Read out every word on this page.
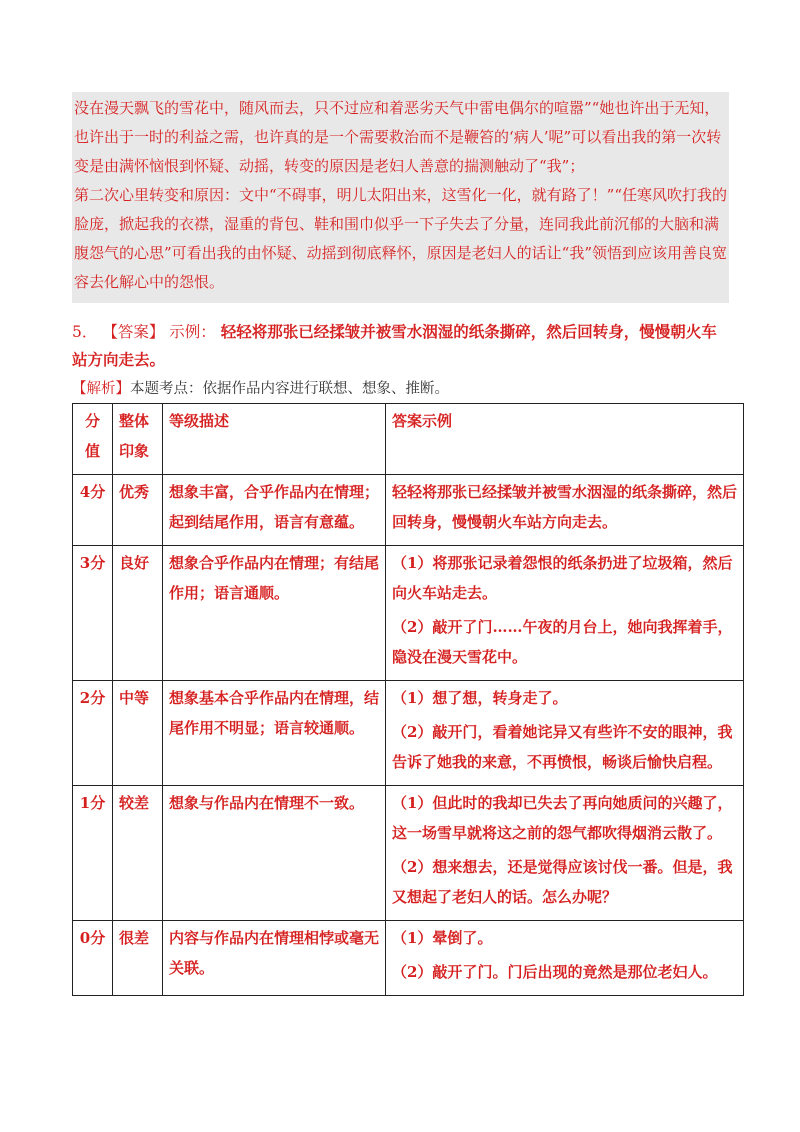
没在漫天飘飞的雪花中，随风而去，只不过应和着恶劣天气中雷电偶尔的喧嚣”“她也许出于无知，也许出于一时的利益之需，也许真的是一个需要救治而不是鞭笞的‘病人’呢”可以看出我的第一次转变是由满怀恼恨到怀疑、动摇，转变的原因是老妇人善意的揣测触动了“我”；

第二次心里转变和原因：文中“不碍事，明儿太阳出来，这雪化一化，就有路了！”“任寒风吹打我的脸庞，掀起我的衣襟，湿重的背包、鞋和围巾似乎一下子失去了分量，连同我此前沉郁的大脑和满腹怨气的心思”可看出我的由怀疑、动摇到彻底释怀，原因是老妇人的话让“我”领悟到应该用善良宽容去化解心中的怨恨。

5． 【答案】 示例： 轻轻将那张已经揉皱并被雪水洇湿的纸条撕碎，然后回转身，慢慢朝火车站方向走去。
【解析】本题考点：依据作品内容进行联想、想象、推断。
分值	整体印象	等级描述	答案示例
4分	优秀	想象丰富，合乎作品内在情理；起到结尾作用，语言有意蕴。	轻轻将那张已经揉皱并被雪水洇湿的纸条撕碎，然后回转身，慢慢朝火车站方向走去。

3分	良好	想象合乎作品内在情理；有结尾作用；语言通顺。	（1）将那张记录着怨恨的纸条扔进了垃圾箱，然后向火车站走去。

（2）敲开了门……午夜的月台上，她向我挥着手，隐没在漫天雪花中。

2分	中等	想象基本合乎作品内在情理，结尾作用不明显；语言较通顺。	（1）想了想，转身走了。

（2）敲开门，看着她诧异又有些许不安的眼神，我告诉了她我的来意，不再愤恨，畅谈后愉快启程。

1分	较差	想象与作品内在情理不一致。	（1）但此时的我却已失去了再向她质问的兴趣了，这一场雪早就将这之前的怨气都吹得烟消云散了。

（2）想来想去，还是觉得应该讨伐一番。但是，我又想起了老妇人的话。怎么办呢？

0分	很差	内容与作品内在情理相悖或毫无关联。	（1）晕倒了。

（2）敲开了门。门后出现的竟然是那位老妇人。
